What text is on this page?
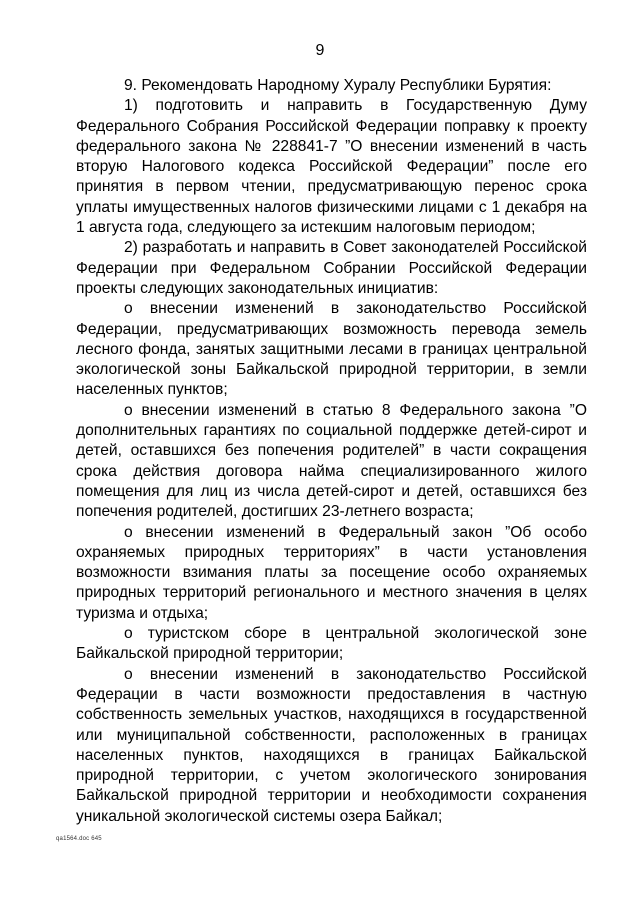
9

9. Рекомендовать Народному Хуралу Республики Бурятия:

1) подготовить и направить в Государственную Думу Федерального Собрания Российской Федерации поправку к проекту федерального закона № 228841-7 ”О внесении изменений в часть вторую Налогового кодекса Российской Федерации” после его принятия в первом чтении, предусматривающую перенос срока уплаты имущественных налогов физическими лицами с 1 декабря на 1 августа года, следующего за истекшим налоговым периодом;

2) разработать и направить в Совет законодателей Российской Федерации при Федеральном Собрании Российской Федерации проекты следующих законодательных инициатив:

о внесении изменений в законодательство Российской Федерации, предусматривающих возможность перевода земель лесного фонда, занятых защитными лесами в границах центральной экологической зоны Байкальской природной территории, в земли населенных пунктов;

о внесении изменений в статью 8 Федерального закона ”О дополнительных гарантиях по социальной поддержке детей-сирот и детей, оставшихся без попечения родителей” в части сокращения срока действия договора найма специализированного жилого помещения для лиц из числа детей-сирот и детей, оставшихся без попечения родителей, достигших 23-летнего возраста;

о внесении изменений в Федеральный закон ”Об особо охраняемых природных территориях” в части установления возможности взимания платы за посещение особо охраняемых природных территорий регионального и местного значения в целях туризма и отдыха;

о туристском сборе в центральной экологической зоне Байкальской природной территории;

о внесении изменений в законодательство Российской Федерации в части возможности предоставления в частную собственность земельных участков, находящихся в государственной или муниципальной собственности, расположенных в границах населенных пунктов, находящихся в границах Байкальской природной территории, с учетом экологического зонирования Байкальской природной территории и необходимости сохранения уникальной экологической системы озера Байкал;

qa1564.doc 645
